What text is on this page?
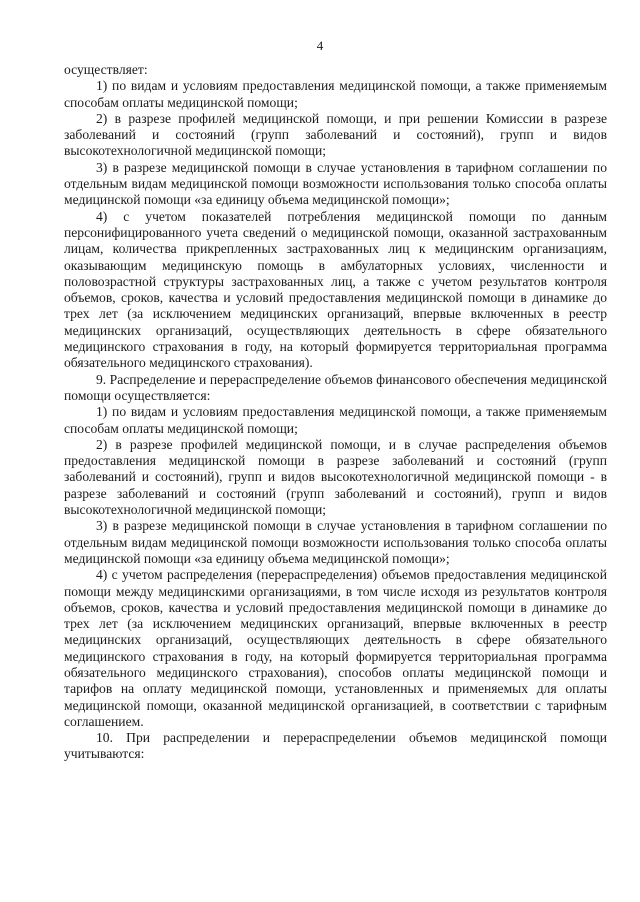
4

осуществляет:

1) по видам и условиям предоставления медицинской помощи, а также применяемым способам оплаты медицинской помощи;

2) в разрезе профилей медицинской помощи, и при решении Комиссии в разрезе заболеваний и состояний (групп заболеваний и состояний), групп и видов высокотехнологичной медицинской помощи;

3) в разрезе медицинской помощи в случае установления в тарифном соглашении по отдельным видам медицинской помощи возможности использования только способа оплаты медицинской помощи «за единицу объема медицинской помощи»;

4) с учетом показателей потребления медицинской помощи по данным персонифицированного учета сведений о медицинской помощи, оказанной застрахованным лицам, количества прикрепленных застрахованных лиц к медицинским организациям, оказывающим медицинскую помощь в амбулаторных условиях, численности и половозрастной структуры застрахованных лиц, а также с учетом результатов контроля объемов, сроков, качества и условий предоставления медицинской помощи в динамике до трех лет (за исключением медицинских организаций, впервые включенных в реестр медицинских организаций, осуществляющих деятельность в сфере обязательного медицинского страхования в году, на который формируется территориальная программа обязательного медицинского страхования).

9. Распределение и перераспределение объемов финансового обеспечения медицинской помощи осуществляется:

1) по видам и условиям предоставления медицинской помощи, а также применяемым способам оплаты медицинской помощи;

2) в разрезе профилей медицинской помощи, и в случае распределения объемов предоставления медицинской помощи в разрезе заболеваний и состояний (групп заболеваний и состояний), групп и видов высокотехнологичной медицинской помощи - в разрезе заболеваний и состояний (групп заболеваний и состояний), групп и видов высокотехнологичной медицинской помощи;

3) в разрезе медицинской помощи в случае установления в тарифном соглашении по отдельным видам медицинской помощи возможности использования только способа оплаты медицинской помощи «за единицу объема медицинской помощи»;

4) с учетом распределения (перераспределения) объемов предоставления медицинской помощи между медицинскими организациями, в том числе исходя из результатов контроля объемов, сроков, качества и условий предоставления медицинской помощи в динамике до трех лет (за исключением медицинских организаций, впервые включенных в реестр медицинских организаций, осуществляющих деятельность в сфере обязательного медицинского страхования в году, на который формируется территориальная программа обязательного медицинского страхования), способов оплаты медицинской помощи и тарифов на оплату медицинской помощи, установленных и применяемых для оплаты медицинской помощи, оказанной медицинской организацией, в соответствии с тарифным соглашением.

10. При распределении и перераспределении объемов медицинской помощи учитываются:
